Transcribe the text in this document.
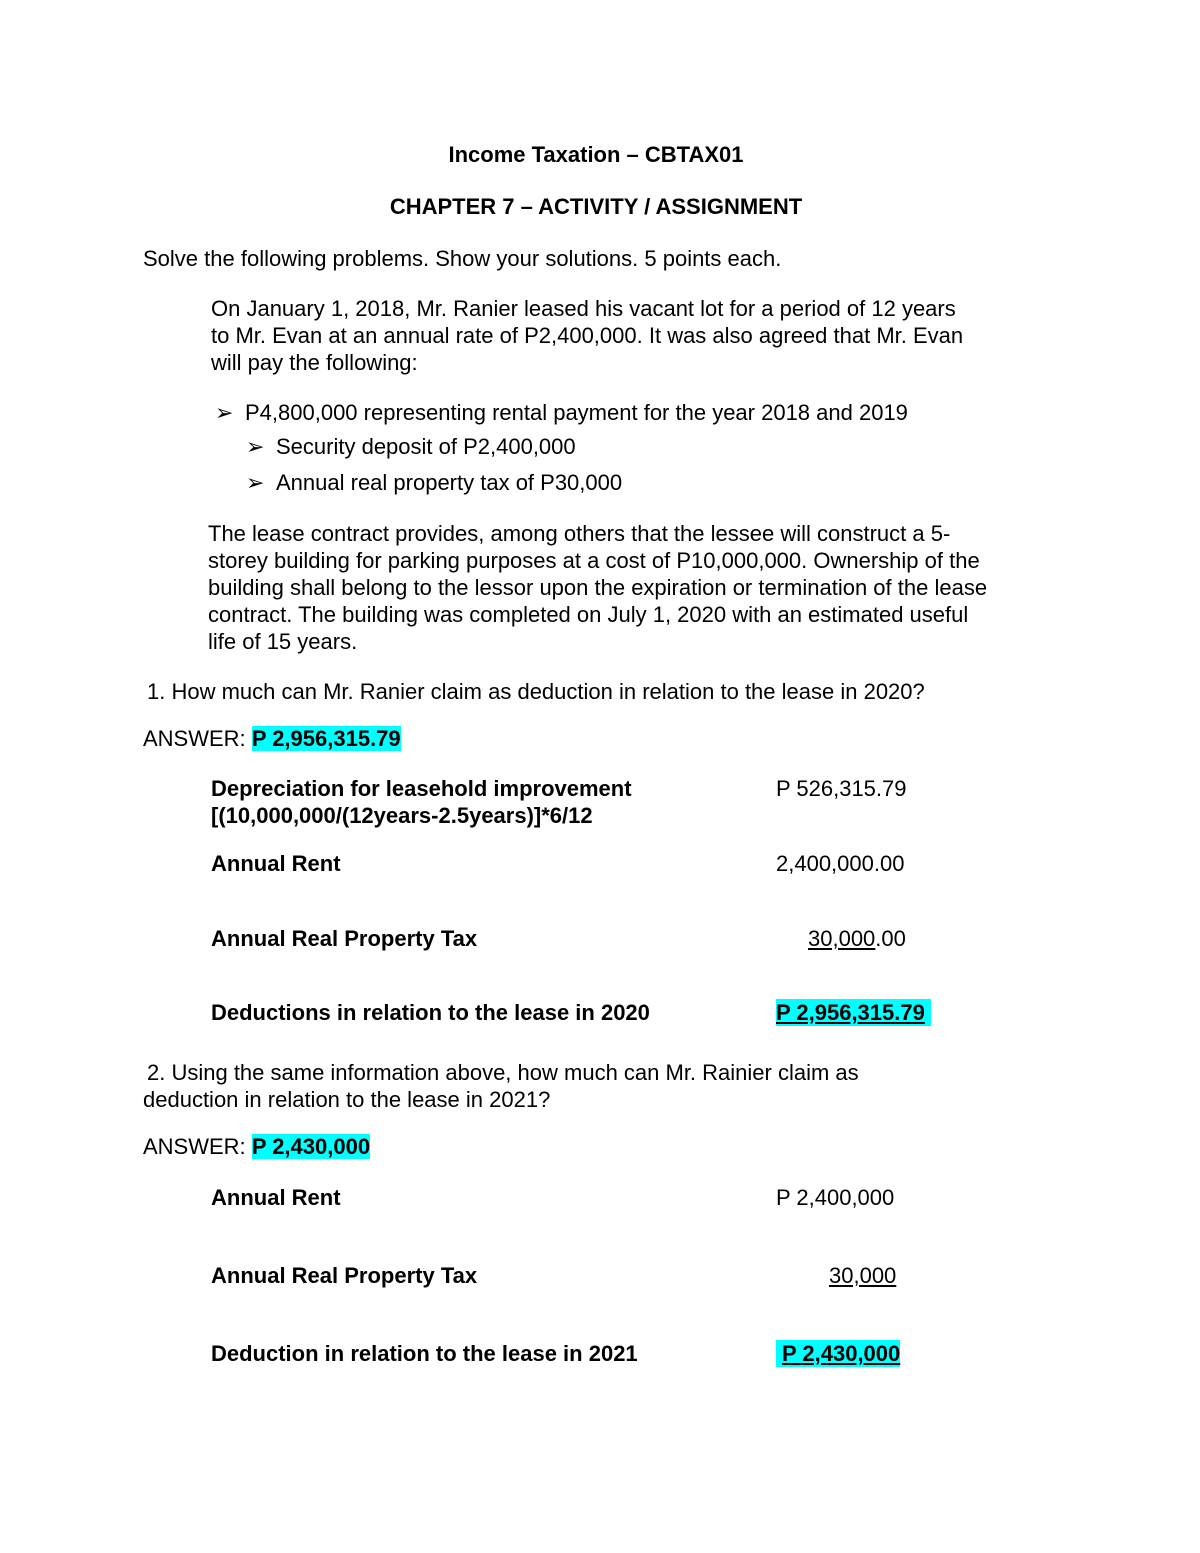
Income Taxation – CBTAX01
CHAPTER 7 – ACTIVITY / ASSIGNMENT
Solve the following problems. Show your solutions. 5 points each.
On January 1, 2018, Mr. Ranier leased his vacant lot for a period of 12 years
to Mr. Evan at an annual rate of P2,400,000. It was also agreed that Mr. Evan
will pay the following:
➢ P4,800,000 representing rental payment for the year 2018 and 2019
➢ Security deposit of P2,400,000
➢ Annual real property tax of P30,000
The lease contract provides, among others that the lessee will construct a 5-
storey building for parking purposes at a cost of P10,000,000. Ownership of the
building shall belong to the lessor upon the expiration or termination of the lease
contract. The building was completed on July 1, 2020 with an estimated useful
life of 15 years.
1. How much can Mr. Ranier claim as deduction in relation to the lease in 2020?
ANSWER: P 2,956,315.79
Depreciation for leasehold improvement	P 526,315.79
[(10,000,000/(12years-2.5years)]*6/12
Annual Rent	2,400,000.00
Annual Real Property Tax	30,000.00
Deductions in relation to the lease in 2020	P 2,956,315.79
2. Using the same information above, how much can Mr. Rainier claim as
deduction in relation to the lease in 2021?
ANSWER: P 2,430,000
Annual Rent	P 2,400,000
Annual Real Property Tax	30,000
Deduction in relation to the lease in 2021	P 2,430,000
